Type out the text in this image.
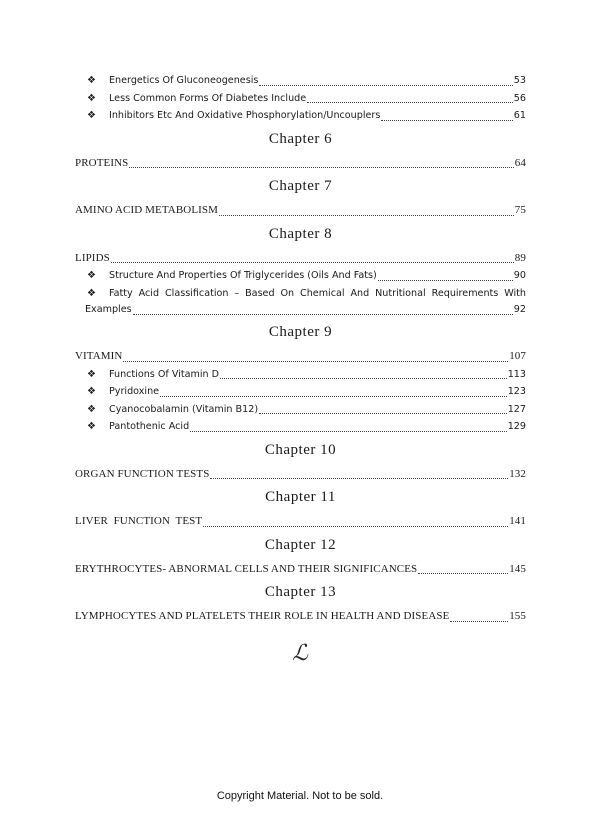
❖	Energetics Of Gluconeogenesis	53
❖	Less Common Forms Of Diabetes Include	56
❖	Inhibitors Etc And Oxidative Phosphorylation/Uncouplers	61
Chapter 6
PROTEINS	64
Chapter 7
AMINO ACID METABOLISM	75
Chapter 8
LIPIDS	89
❖	Structure And Properties Of Triglycerides (Oils And Fats)	90
❖	Fatty Acid Classification – Based On Chemical And Nutritional Requirements With
Examples	92
Chapter 9
VITAMIN	107
❖	Functions Of Vitamin D	113
❖	Pyridoxine	123
❖	Cyanocobalamin (Vitamin B12)	127
❖	Pantothenic Acid	129
Chapter 10
ORGAN FUNCTION TESTS	132
Chapter 11
LIVER  FUNCTION  TEST	141
Chapter 12
ERYTHROCYTES- ABNORMAL CELLS AND THEIR SIGNIFICANCES	145
Chapter 13
LYMPHOCYTES AND PLATELETS THEIR ROLE IN HEALTH AND DISEASE	155
ℒ
Copyright Material. Not to be sold.
